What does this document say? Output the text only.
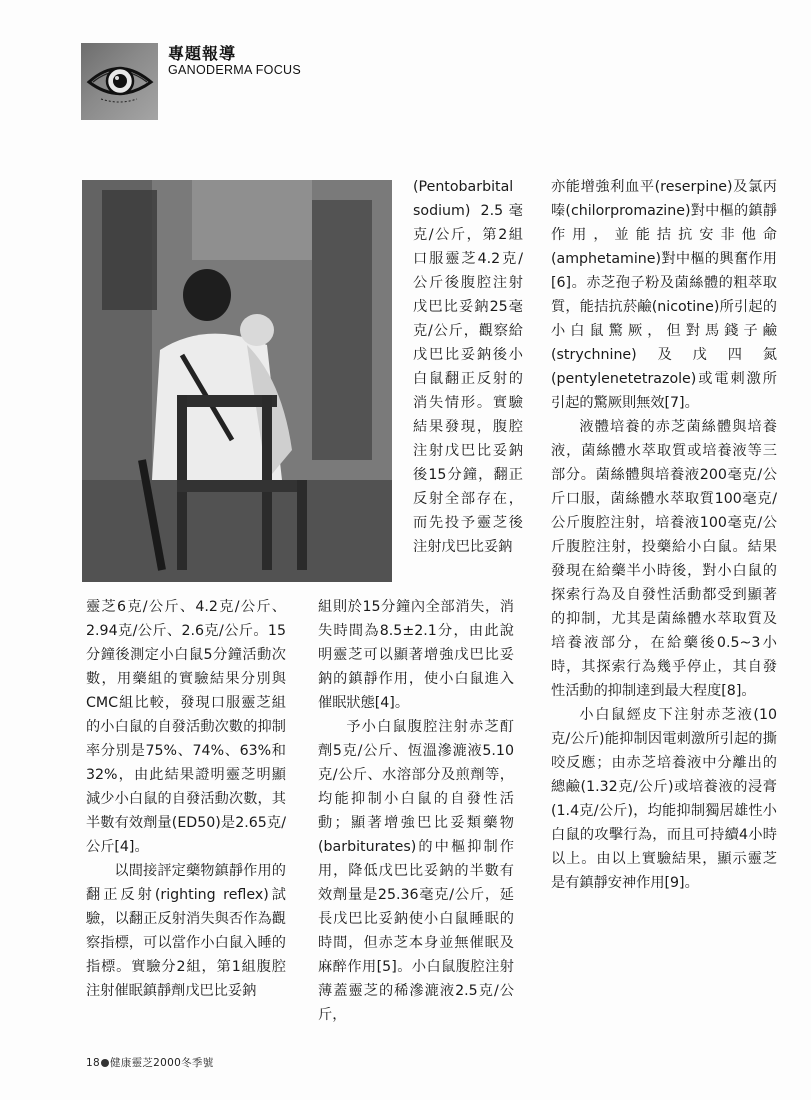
專題報導
GANODERMA FOCUS

(Pentobarbital sodium) 2.5毫克/公斤，第2組口服靈芝4.2克/公斤後腹腔注射戊巴比妥鈉25毫克/公斤，觀察給戊巴比妥鈉後小白鼠翻正反射的消失情形。實驗結果發現，腹腔注射戊巴比妥鈉後15分鐘，翻正反射全部存在，而先投予靈芝後注射戊巴比妥鈉

靈芝6克/公斤、4.2克/公斤、2.94克/公斤、2.6克/公斤。15分鐘後測定小白鼠5分鐘活動次數，用藥組的實驗結果分別與CMC組比較，發現口服靈芝組的小白鼠的自發活動次數的抑制率分別是75%、74%、63%和32%，由此結果證明靈芝明顯減少小白鼠的自發活動次數，其半數有效劑量(ED50)是2.65克/公斤[4]。

以間接評定藥物鎮靜作用的翻正反射(righting reflex)試驗，以翻正反射消失與否作為觀察指標，可以當作小白鼠入睡的指標。實驗分2組，第1組腹腔注射催眠鎮靜劑戊巴比妥鈉

組則於15分鐘內全部消失，消失時間為8.5±2.1分，由此說明靈芝可以顯著增強戊巴比妥鈉的鎮靜作用，使小白鼠進入催眠狀態[4]。

予小白鼠腹腔注射赤芝酊劑5克/公斤、恆溫滲漉液5.10克/公斤、水溶部分及煎劑等，均能抑制小白鼠的自發性活動；顯著增強巴比妥類藥物(barbiturates)的中樞抑制作用，降低戊巴比妥鈉的半數有效劑量是25.36毫克/公斤，延長戊巴比妥鈉使小白鼠睡眠的時間，但赤芝本身並無催眠及麻醉作用[5]。小白鼠腹腔注射薄蓋靈芝的稀滲漉液2.5克/公斤，

亦能增強利血平(reserpine)及氯丙嗪(chilorpromazine)對中樞的鎮靜作用，並能拮抗安非他命(amphetamine)對中樞的興奮作用[6]。赤芝孢子粉及菌絲體的粗萃取質，能拮抗菸鹼(nicotine)所引起的小白鼠驚厥，但對馬錢子鹼(strychnine)及戊四氮(pentylenetetrazole)或電刺激所引起的驚厥則無效[7]。

液體培養的赤芝菌絲體與培養液，菌絲體水萃取質或培養液等三部分。菌絲體與培養液200毫克/公斤口服，菌絲體水萃取質100毫克/公斤腹腔注射，培養液100毫克/公斤腹腔注射，投藥給小白鼠。結果發現在給藥半小時後，對小白鼠的探索行為及自發性活動都受到顯著的抑制，尤其是菌絲體水萃取質及培養液部分，在給藥後0.5~3小時，其探索行為幾乎停止，其自發性活動的抑制達到最大程度[8]。

小白鼠經皮下注射赤芝液(10克/公斤)能抑制因電刺激所引起的撕咬反應；由赤芝培養液中分離出的總鹼(1.32克/公斤)或培養液的浸膏(1.4克/公斤)，均能抑制獨居雄性小白鼠的攻擊行為，而且可持續4小時以上。由以上實驗結果，顯示靈芝是有鎮靜安神作用[9]。

18 健康靈芝2000冬季號
